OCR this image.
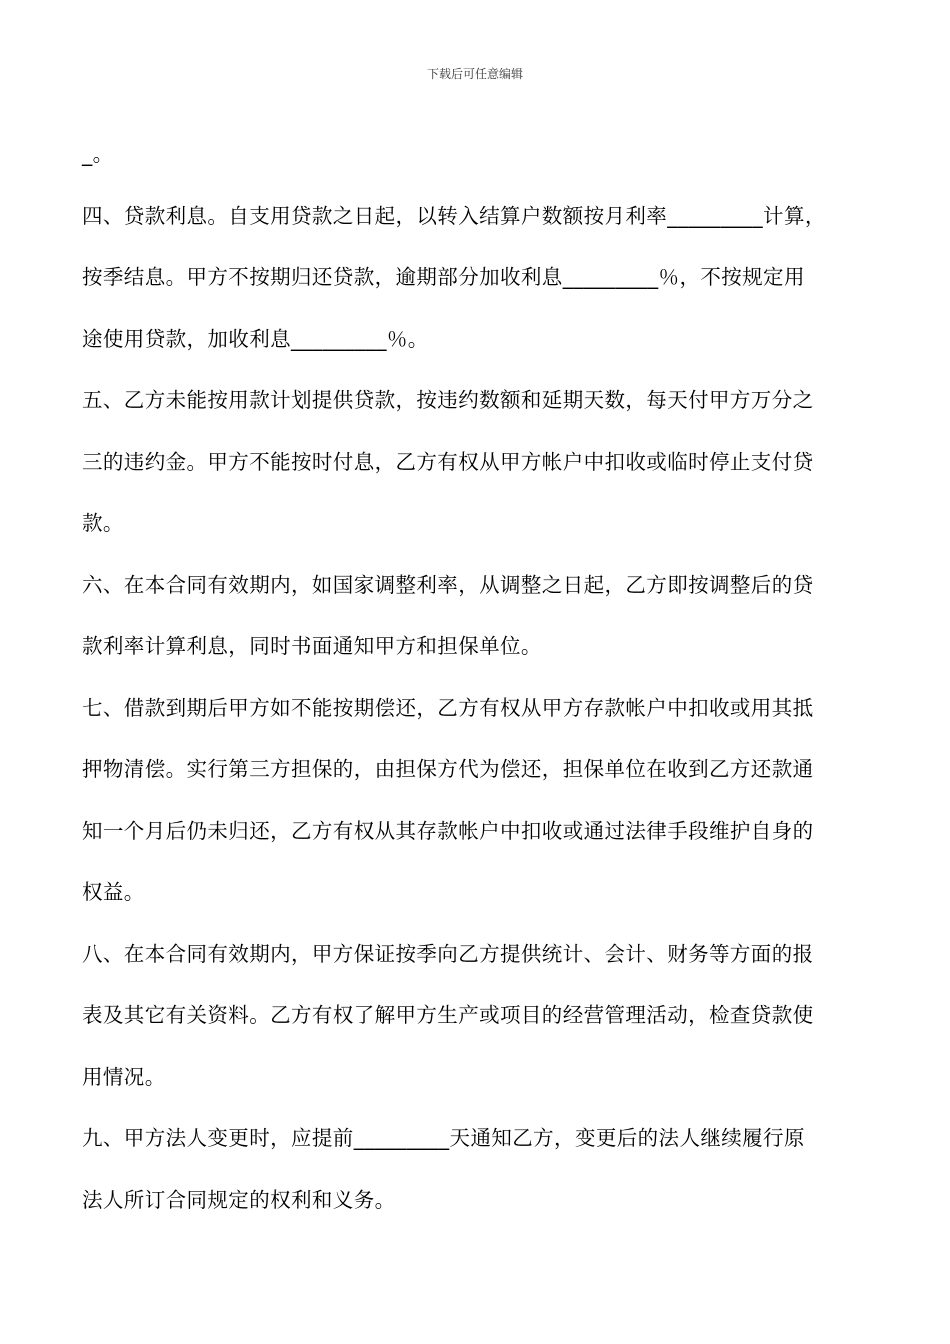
下载后可任意编辑
_。
四、贷款利息。自支用贷款之日起，以转入结算户数额按月利率_________计算，
按季结息。甲方不按期归还贷款，逾期部分加收利息_________％，不按规定用
途使用贷款，加收利息_________％。
五、乙方未能按用款计划提供贷款，按违约数额和延期天数，每天付甲方万分之
三的违约金。甲方不能按时付息，乙方有权从甲方帐户中扣收或临时停止支付贷
款。
六、在本合同有效期内，如国家调整利率，从调整之日起，乙方即按调整后的贷
款利率计算利息，同时书面通知甲方和担保单位。
七、借款到期后甲方如不能按期偿还，乙方有权从甲方存款帐户中扣收或用其抵
押物清偿。实行第三方担保的，由担保方代为偿还，担保单位在收到乙方还款通
知一个月后仍未归还，乙方有权从其存款帐户中扣收或通过法律手段维护自身的
权益。
八、在本合同有效期内，甲方保证按季向乙方提供统计、会计、财务等方面的报
表及其它有关资料。乙方有权了解甲方生产或项目的经营管理活动，检查贷款使
用情况。
九、甲方法人变更时，应提前_________天通知乙方，变更后的法人继续履行原
法人所订合同规定的权利和义务。
